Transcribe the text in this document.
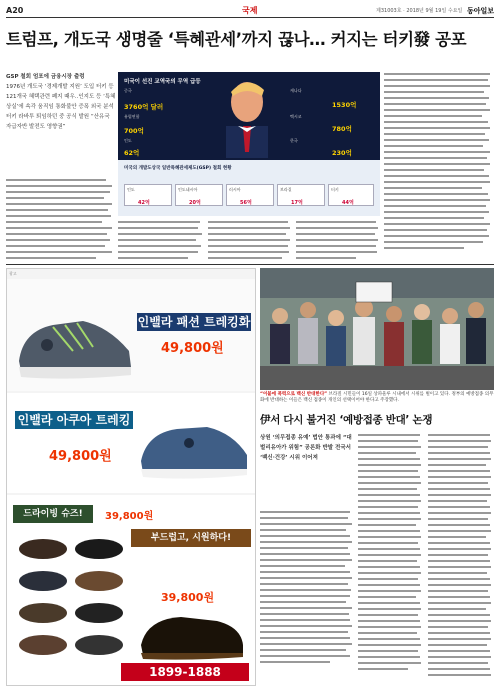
A20	국제	제31003호 · 2018년 9월 19일 수요일 동아일보
트럼프, 개도국 생명줄 ‘특혜관세’까지 끊나… 커지는 터키發 공포
GSP 철회 엄포에 금융시장 출렁
1976년 개도국 ‘경제개발 지원’ 도입 터키 등 121개국 혜택관련 폐지 때우..인지도 등 ‘특혜 상실’에 속각 움직임 통화불안 증폭 외국 분석 터키 라바투 퇴임하던 중 공식 발원 “산유국 자급자반 발전도 영향권”
미국이 선진 교역국의 무역 급등
중국
3760억 달러
유럽연합
700억
인도
62억
캐나다
1530억
멕시코
780억
한국
230억
미국의 개발도상국 일반특혜관세제도(GSP) 철회 현황
인도	인도네시아	러시아	브라질	터키
42억	20억	56억	17억	44억
광고
인밸라 패션 트레킹화
49,800원
인밸라 아쿠아 트레킹화
49,800원
드라이빙 슈즈!	39,800원
부드럽고, 시원하다!
39,800원
1899-1888
“이불에 폭력으로 백신 반대한다” 브라질 시민들이 16일 상파울루 시내에서 시위를 벌이고 있다. 정부의 예방접종 의무화에 반대하는 이들은 백신 접종이 개인의 선택이어야 한다고 주장했다.
伊서 다시 불거진 ‘예방접종 반대’ 논쟁
상원 ‘의무접종 유예’ 법안 통과에 “대벌리유아가 위험” 공론화 반발 전국서 ‘백신·건강’ 시위 이어져
